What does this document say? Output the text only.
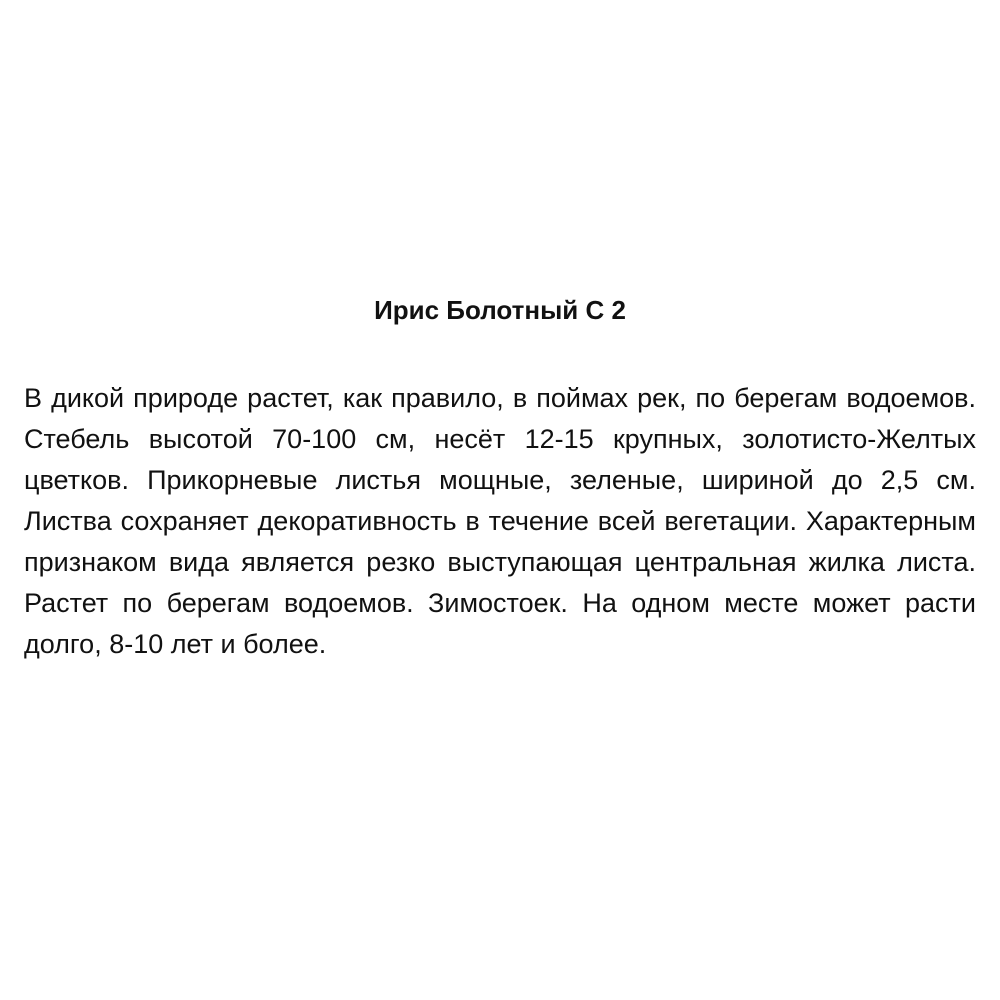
Ирис Болотный С 2

В дикой природе растет, как правило, в поймах рек, по берегам водоемов. Стебель высотой 70-100 см, несёт 12-15 крупных, золотисто-Желтых цветков. Прикорневые листья мощные, зеленые, шириной до 2,5 см. Листва сохраняет декоративность в течение всей вегетации. Характерным признаком вида является резко выступающая центральная жилка листа. Растет по берегам водоемов. Зимостоек. На одном месте может расти долго, 8-10 лет и более.
